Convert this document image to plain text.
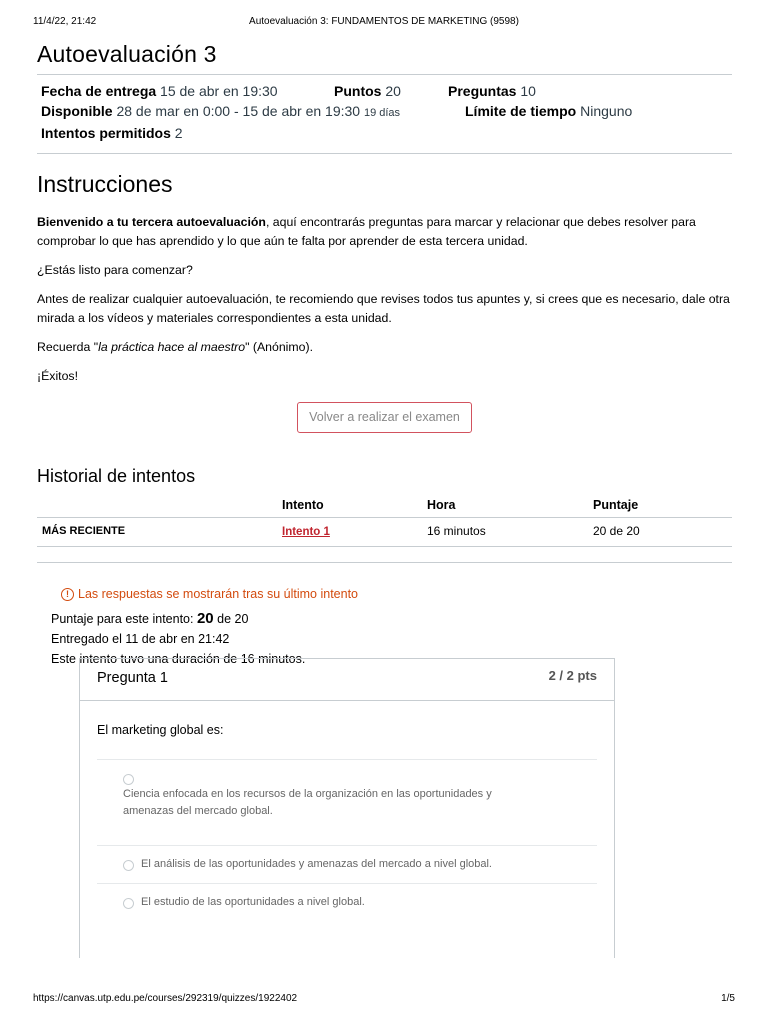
11/4/22, 21:42	Autoevaluación 3: FUNDAMENTOS DE MARKETING (9598)
Autoevaluación 3
Fecha de entrega 15 de abr en 19:30	Puntos 20	Preguntas 10
Disponible 28 de mar en 0:00 - 15 de abr en 19:30 19 días	Límite de tiempo Ninguno
Intentos permitidos 2
Instrucciones

Bienvenido a tu tercera autoevaluación, aquí encontrarás preguntas para marcar y relacionar que debes resolver para comprobar lo que has aprendido y lo que aún te falta por aprender de esta tercera unidad.

¿Estás listo para comenzar?

Antes de realizar cualquier autoevaluación, te recomiendo que revises todos tus apuntes y, si crees que es necesario, dale otra mirada a los vídeos y materiales correspondientes a esta unidad.

Recuerda "la práctica hace al maestro" (Anónimo).

¡Éxitos!

Volver a realizar el examen
Historial de intentos
	Intento	Hora	Puntaje
MÁS RECIENTE	Intento 1	16 minutos	20 de 20
! Las respuestas se mostrarán tras su último intento
Puntaje para este intento: 20 de 20
Entregado el 11 de abr en 21:42
Este intento tuvo una duración de 16 minutos.
Pregunta 1	2 / 2 pts
El marketing global es:
Ciencia enfocada en los recursos de la organización en las oportunidades y amenazas del mercado global.
El análisis de las oportunidades y amenazas del mercado a nivel global.
El estudio de las oportunidades a nivel global.
https://canvas.utp.edu.pe/courses/292319/quizzes/1922402	1/5
